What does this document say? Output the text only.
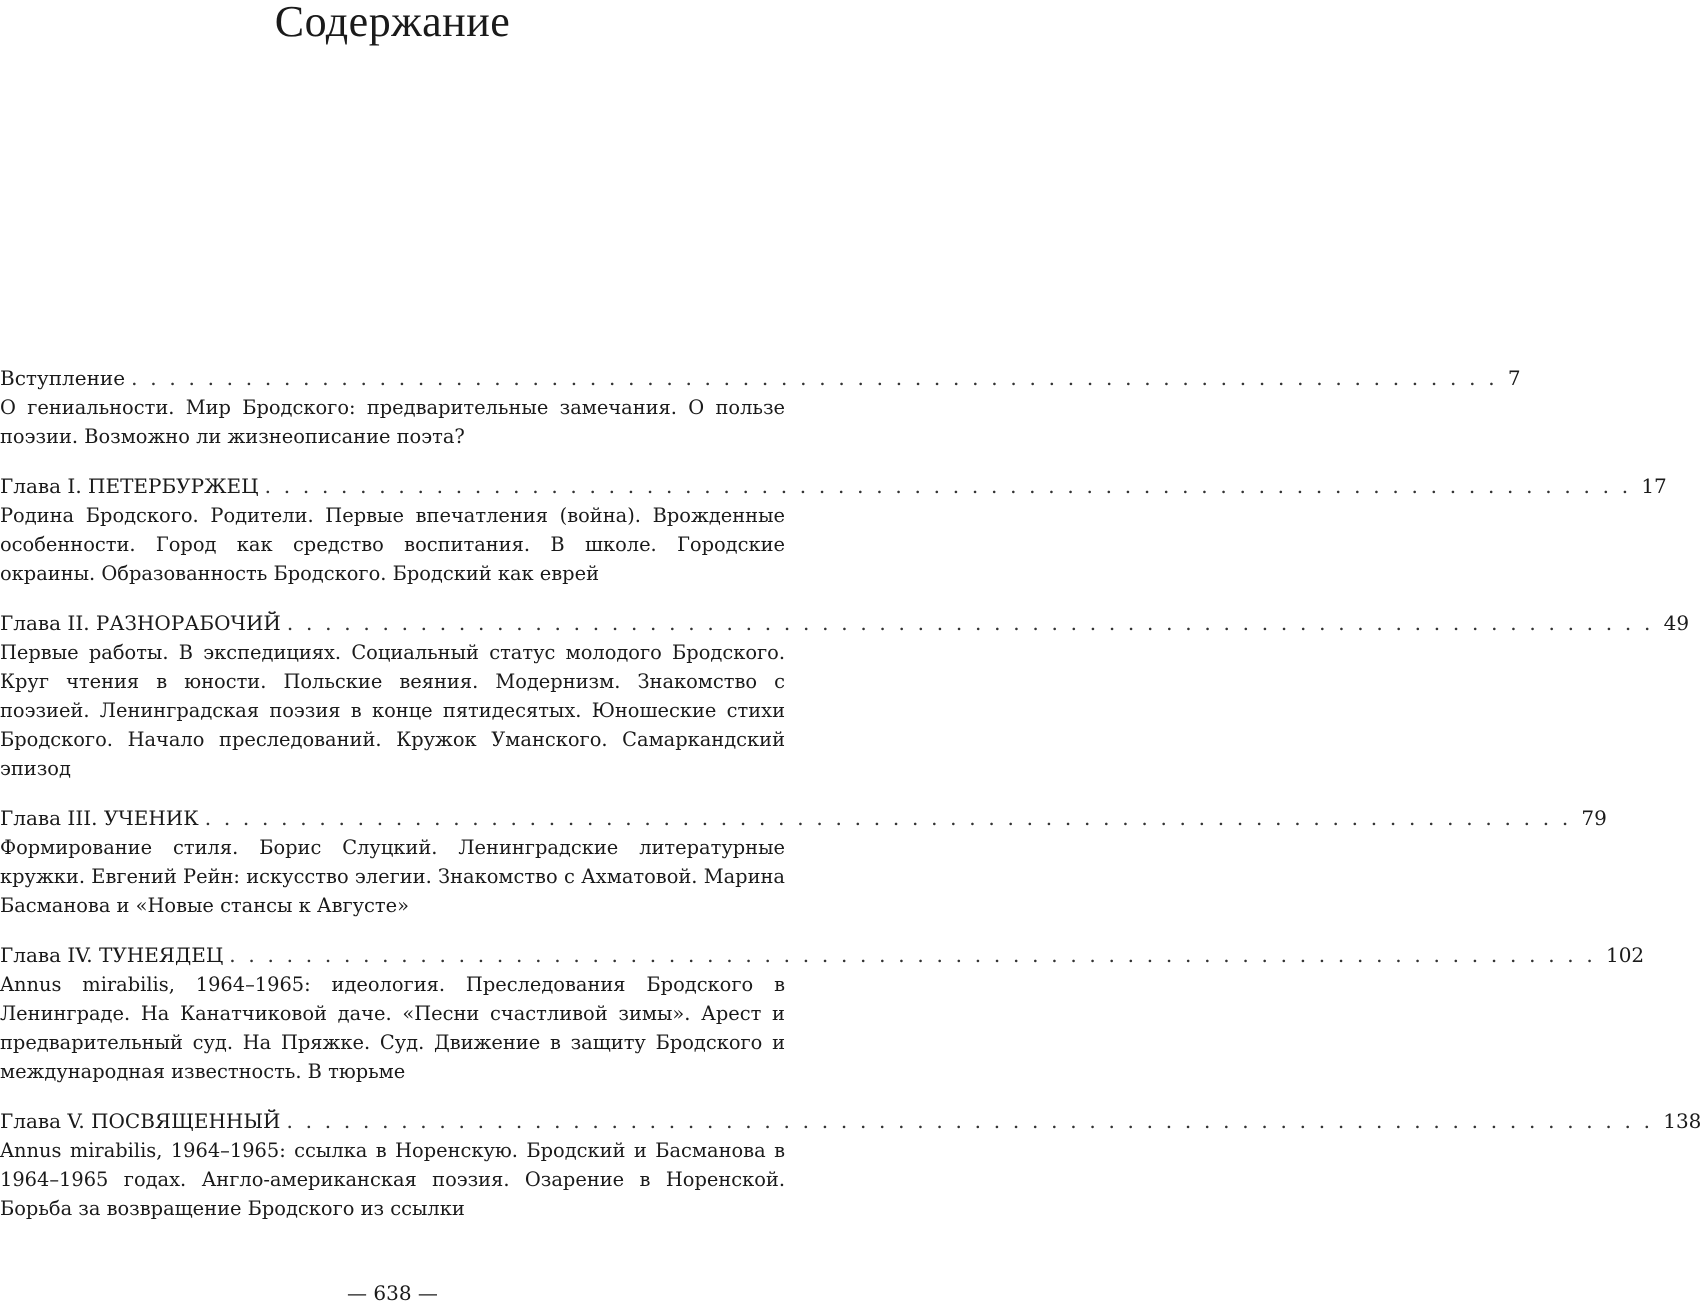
Содержание
Вступление . . . . . . . . . . . . . . . . . . . . . . . . . . . . . . . . . . . . . . . . . . . . . . . . . . . . . . . . . . . . . . . . . . . . . . . . 7

О гениальности. Мир Бродского: предварительные замечания. О пользе поэзии. Возможно ли жизнеописание поэта?

Глава I. ПЕТЕРБУРЖЕЦ . . . . . . . . . . . . . . . . . . . . . . . . . . . . . . . . . . . . . . . . . . . . . . . . . . . . . . . . . . . . . . . . . . . . . . . . 17

Родина Бродского. Родители. Первые впечатления (война). Врожденные особенности. Город как средство воспитания. В школе. Городские окраины. Образованность Бродского. Бродский как еврей

Глава II. РАЗНОРАБОЧИЙ . . . . . . . . . . . . . . . . . . . . . . . . . . . . . . . . . . . . . . . . . . . . . . . . . . . . . . . . . . . . . . . . . . . . . . . . 49

Первые работы. В экспедициях. Социальный статус молодого Бродского. Круг чтения в юности. Польские веяния. Модернизм. Знакомство с поэзией. Ленинградская поэзия в конце пятидесятых. Юношеские стихи Бродского. Начало преследований. Кружок Уманского. Самаркандский эпизод

Глава III. УЧЕНИК . . . . . . . . . . . . . . . . . . . . . . . . . . . . . . . . . . . . . . . . . . . . . . . . . . . . . . . . . . . . . . . . . . . . . . . . 79

Формирование стиля. Борис Слуцкий. Ленинградские литературные кружки. Евгений Рейн: искусство элегии. Знакомство с Ахматовой. Марина Басманова и «Новые стансы к Августе»

Глава IV. ТУНЕЯДЕЦ . . . . . . . . . . . . . . . . . . . . . . . . . . . . . . . . . . . . . . . . . . . . . . . . . . . . . . . . . . . . . . . . . . . . . . . . 102

Annus mirabilis, 1964–1965: идеология. Преследования Бродского в Ленинграде. На Канатчиковой даче. «Песни счастливой зимы». Арест и предварительный суд. На Пряжке. Суд. Движение в защиту Бродского и международная известность. В тюрьме

Глава V. ПОСВЯЩЕННЫЙ . . . . . . . . . . . . . . . . . . . . . . . . . . . . . . . . . . . . . . . . . . . . . . . . . . . . . . . . . . . . . . . . . . . . . . . . 138

Annus mirabilis, 1964–1965: ссылка в Норенскую. Бродский и Басманова в 1964–1965 годах. Англо-американская поэзия. Озарение в Норенской. Борьба за возвращение Бродского из ссылки

— 638 —
